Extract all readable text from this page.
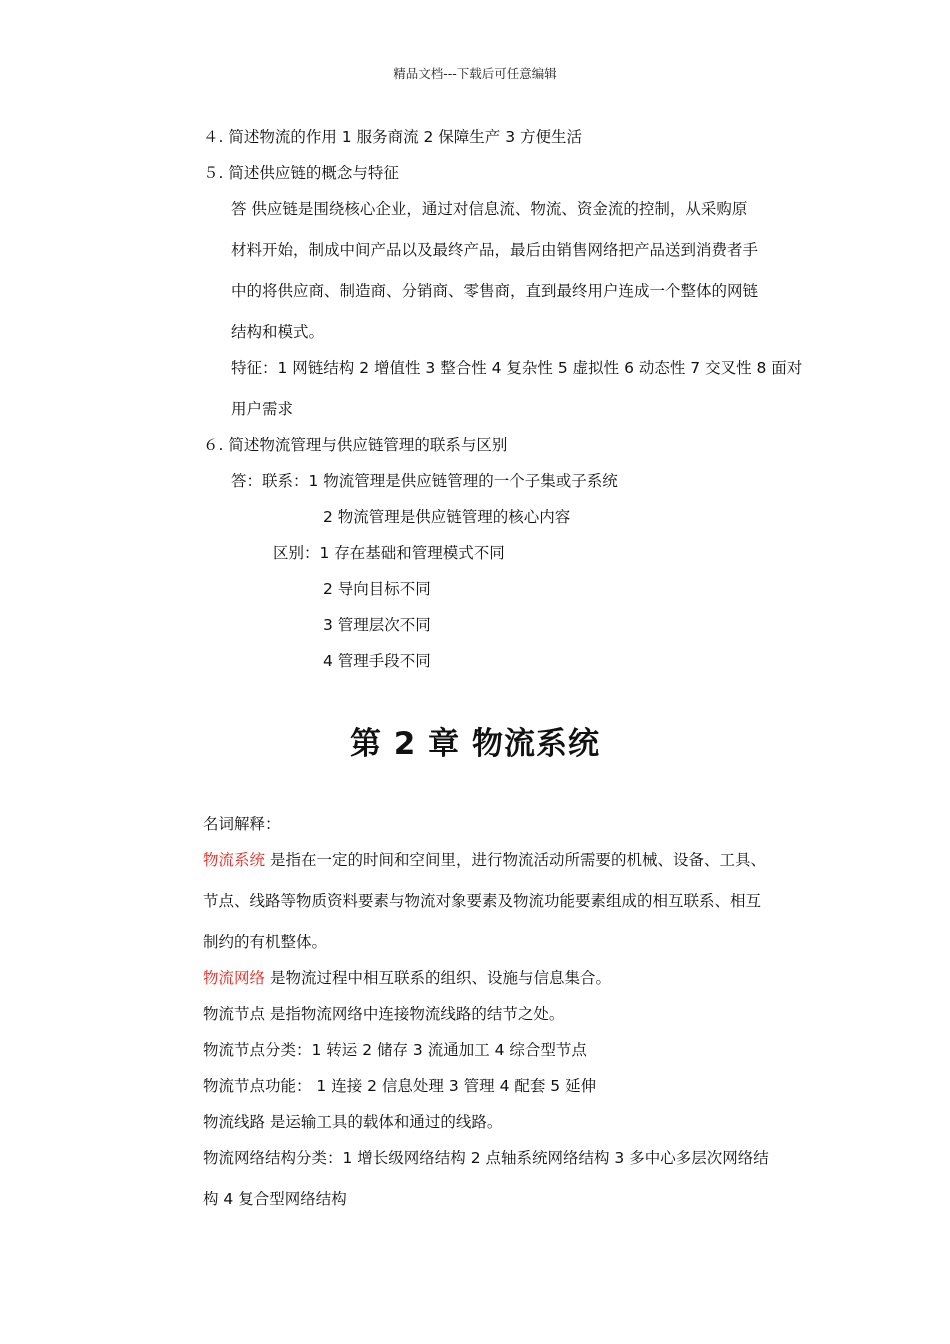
精品文档---下载后可任意编辑
４. 简述物流的作用 1 服务商流 2 保障生产 3 方便生活
５. 简述供应链的概念与特征
答 供应链是围绕核心企业，通过对信息流、物流、资金流的控制，从采购原
材料开始，制成中间产品以及最终产品，最后由销售网络把产品送到消费者手
中的将供应商、制造商、分销商、零售商，直到最终用户连成一个整体的网链
结构和模式。
特征：1 网链结构 2 增值性 3 整合性 4 复杂性 5 虚拟性 6 动态性 7 交叉性 8 面对
用户需求
６. 简述物流管理与供应链管理的联系与区别
答：联系：1 物流管理是供应链管理的一个子集或子系统
2 物流管理是供应链管理的核心内容
区别：1 存在基础和管理模式不同
2 导向目标不同
3 管理层次不同
4 管理手段不同
第 2 章 物流系统
名词解释：
物流系统 是指在一定的时间和空间里，进行物流活动所需要的机械、设备、工具、
节点、线路等物质资料要素与物流对象要素及物流功能要素组成的相互联系、相互
制约的有机整体。
物流网络 是物流过程中相互联系的组织、设施与信息集合。
物流节点 是指物流网络中连接物流线路的结节之处。
物流节点分类：1 转运 2 储存 3 流通加工 4 综合型节点
物流节点功能： 1 连接 2 信息处理 3 管理 4 配套 5 延伸
物流线路 是运输工具的载体和通过的线路。
物流网络结构分类：1 增长级网络结构 2 点轴系统网络结构 3 多中心多层次网络结
构 4 复合型网络结构
